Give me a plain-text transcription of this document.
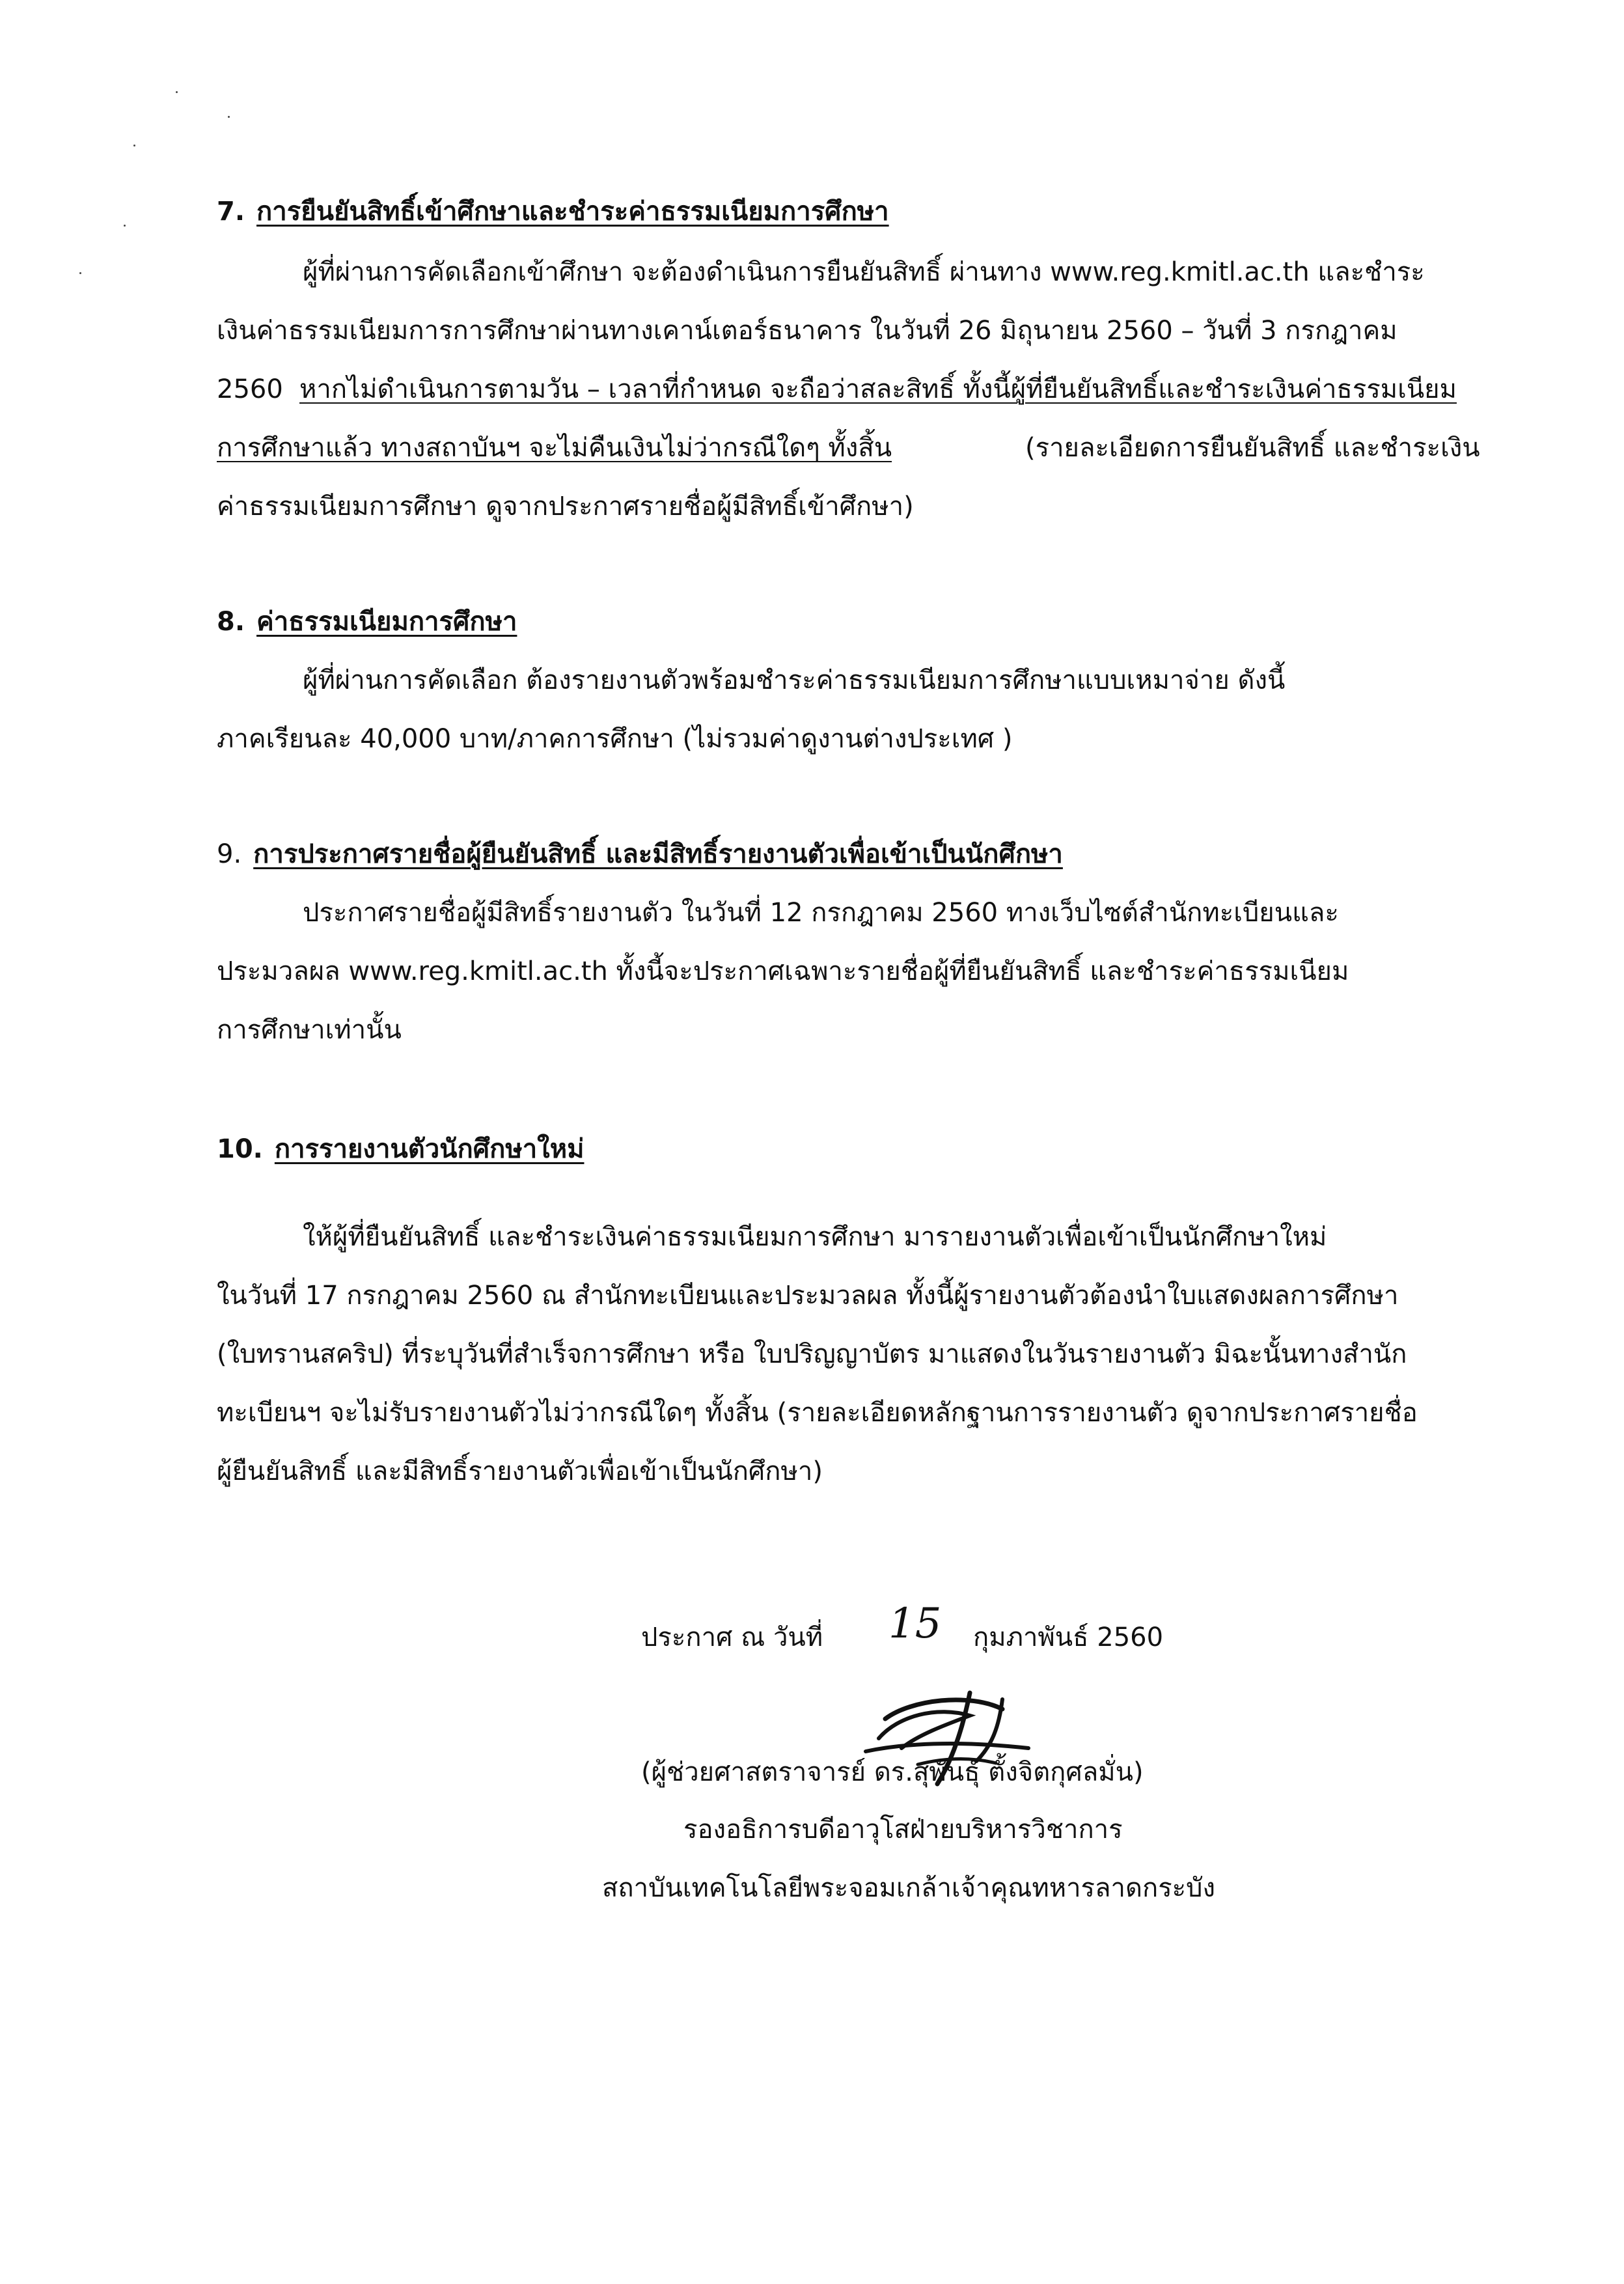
7. การยืนยันสิทธิ์เข้าศึกษาและชำระค่าธรรมเนียมการศึกษา
ผู้ที่ผ่านการคัดเลือกเข้าศึกษา จะต้องดำเนินการยืนยันสิทธิ์ ผ่านทาง www.reg.kmitl.ac.th และชำระ
เงินค่าธรรมเนียมการการศึกษาผ่านทางเคาน์เตอร์ธนาคาร ในวันที่ 26 มิถุนายน 2560 – วันที่ 3 กรกฎาคม
2560 หากไม่ดำเนินการตามวัน – เวลาที่กำหนด จะถือว่าสละสิทธิ์ ทั้งนี้ผู้ที่ยืนยันสิทธิ์และชำระเงินค่าธรรมเนียม
การศึกษาแล้ว ทางสถาบันฯ จะไม่คืนเงินไม่ว่ากรณีใดๆ ทั้งสิ้น	(รายละเอียดการยืนยันสิทธิ์ และชำระเงิน
ค่าธรรมเนียมการศึกษา ดูจากประกาศรายชื่อผู้มีสิทธิ์เข้าศึกษา)
8. ค่าธรรมเนียมการศึกษา
ผู้ที่ผ่านการคัดเลือก ต้องรายงานตัวพร้อมชำระค่าธรรมเนียมการศึกษาแบบเหมาจ่าย ดังนี้
ภาคเรียนละ 40,000 บาท/ภาคการศึกษา (ไม่รวมค่าดูงานต่างประเทศ )
9. การประกาศรายชื่อผู้ยืนยันสิทธิ์ และมีสิทธิ์รายงานตัวเพื่อเข้าเป็นนักศึกษา
ประกาศรายชื่อผู้มีสิทธิ์รายงานตัว ในวันที่ 12 กรกฎาคม 2560 ทางเว็บไซต์สำนักทะเบียนและ
ประมวลผล www.reg.kmitl.ac.th ทั้งนี้จะประกาศเฉพาะรายชื่อผู้ที่ยืนยันสิทธิ์ และชำระค่าธรรมเนียม
การศึกษาเท่านั้น
10. การรายงานตัวนักศึกษาใหม่
ให้ผู้ที่ยืนยันสิทธิ์ และชำระเงินค่าธรรมเนียมการศึกษา มารายงานตัวเพื่อเข้าเป็นนักศึกษาใหม่
ในวันที่ 17 กรกฎาคม 2560 ณ สำนักทะเบียนและประมวลผล ทั้งนี้ผู้รายงานตัวต้องนำใบแสดงผลการศึกษา
(ใบทรานสคริป) ที่ระบุวันที่สำเร็จการศึกษา หรือ ใบปริญญาบัตร มาแสดงในวันรายงานตัว มิฉะนั้นทางสำนัก
ทะเบียนฯ จะไม่รับรายงานตัวไม่ว่ากรณีใดๆ ทั้งสิ้น (รายละเอียดหลักฐานการรายงานตัว ดูจากประกาศรายชื่อ
ผู้ยืนยันสิทธิ์ และมีสิทธิ์รายงานตัวเพื่อเข้าเป็นนักศึกษา)
ประกาศ ณ วันที่ 15 กุมภาพันธ์ 2560
(ผู้ช่วยศาสตราจารย์ ดร.สุพันธุ์ ตั้งจิตกุศลมั่น)
รองอธิการบดีอาวุโสฝ่ายบริหารวิชาการ
สถาบันเทคโนโลยีพระจอมเกล้าเจ้าคุณทหารลาดกระบัง
